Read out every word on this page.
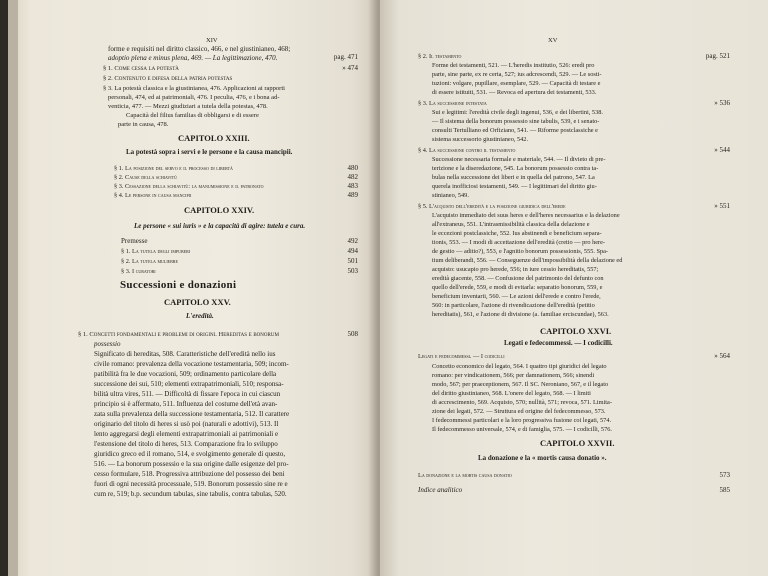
XIV
forme e requisiti nel diritto classico, 466, e nel giustinianeo, 468;
adoptio plena e minus plena, 469. — La legittimazione, 470.	pag. 471
§ 1. Come cessa la potestà	» 474
§ 2. Contenuto e difesa della patria potestas
§ 3. La potestà classica e la giustinianea, 476. Applicazioni ai rapporti
personali, 474, ed ai patrimoniali, 476. I peculia, 476, e i bona ad-
venticia, 477. — Mezzi giudiziari a tutela della potestas, 478.
Capacità del filius familias di obbligarsi e di essere
parte in causa, 478.
CAPITOLO XXIII.
La potestà sopra i servi e le persone e la causa mancipii.
§ 1. La posizione del servo e il processo di libertà	480
§ 2. Cause della schiavitù	482
§ 3. Cessazione della schiavitù: la manumissione e il patronato	483
§ 4. Le persone in causa mancipii	489
CAPITOLO XXIV.
Le persone « sui iuris » e la capacità di agire: tutela e cura.
Premesse	492
§ 1. La tutela degli impuberi	494
§ 2. La tutela muliebre	501
§ 3. I curatori	503
Successioni e donazioni
CAPITOLO XXV.
L'eredità.
§ 1. Concetti fondamentali e problemi di origini. Hereditas e bonorum	508
possessio
Significato di hereditas, 508. Caratteristiche dell'eredità nello ius
civile romano: prevalenza della vocazione testamentaria, 509; incom-
patibilità fra le due vocazioni, 509; ordinamento particolare della
successione dei sui, 510; elementi extrapatrimoniali, 510; responsa-
bilità ultra vires, 511. — Difficoltà di fissare l'epoca in cui ciascun
principio si è affermato, 511. Influenza del costume dell'età avan-
zata sulla prevalenza della successione testamentaria, 512. Il carattere
originario del titolo di heres si usò poi (naturali e adottivi), 513. Il
lento aggregarsi degli elementi extrapatrimoniali ai patrimoniali e
l'estensione del titolo di heres, 513. Comparazione fra lo sviluppo
giuridico greco ed il romano, 514, e svolgimento generale di questo,
516. — La bonorum possessio e la sua origine dalle esigenze del pro-
cesso formulare, 518. Progressiva attribuzione del possesso dei beni
fuori di ogni necessità processuale, 519. Bonorum possessio sine re e
cum re, 519; b.p. secundum tabulas, sine tabulis, contra tabulas, 520.
XV
§ 2. Il testamento	pag. 521
Forme dei testamenti, 521. — L'heredis institutio, 526: eredi pro
parte, sine parte, ex re certa, 527; ius adcrescendi, 529. — Le sosti-
tuzioni: volgare, pupillare, esemplare, 529. — Capacità di testare e
di essere istituiti, 531. — Revoca ed apertura dei testamenti, 533.
§ 3. La successione intestata	» 536
Sui e legitimi: l'eredità civile degli ingenui, 536, e dei libertini, 538.
— Il sistema della bonorum possessio sine tabulis, 539, e i senato-
consulti Tertulliano ed Orfiziano, 541. — Riforme postclassiche e
sistema successorio giustinianeo, 542.
§ 4. La successione contro il testamento	» 544
Successione necessaria formale e materiale, 544. — Il divieto di pre-
terizione e la diseredazione, 545. La bonorum possessio contra ta-
bulas nella successione dei liberi e in quella del patrono, 547. La
querela inofficiosi testamenti, 549. — I legittimari del diritto giu-
stinianeo, 549.
§ 5. L'acquisto dell'eredità e la posizione giuridica dell'erede	» 551
L'acquisto immediato dei suus heres e dell'heres necessarius e la delazione
all'extraneus, 551. L'intrasmissibilità classica della delazione e
le eccezioni postclassiche, 552. Ius abstinendi e beneficium separa-
tionis, 553. — I modi di accettazione dell'eredità (cretio — pro here-
de gestio — aditio?), 553, e l'agnitio bonorum possessionis, 555. Spa-
tium deliberandi, 556. — Conseguenze dell'impossibilità della delazione ed
acquisto: usucapio pro herede, 556; in iure cessio hereditatis, 557;
eredità giacente, 558. — Confusione del patrimonio del defunto con
quello dell'erede, 559, e modi di evitarla: separatio bonorum, 559, e
beneficium inventarii, 560. — Le azioni dell'erede e contro l'erede,
560: in particolare, l'azione di rivendicazione dell'eredità (petitio
hereditatis), 561, e l'azione di divisione (a. familiae erciscundae), 563.
CAPITOLO XXVI.
Legati e fedecommessi. — I codicilli.
Legati e fedecommessi. — I codicilli	» 564
Concetto economico del legato, 564. I quattro tipi giuridici del legato
romano: per vindicationem, 566; per damnationem, 566; sinendi
modo, 567; per praeceptionem, 567. Il SC. Neroniano, 567, e il legato
del diritto giustinianeo, 568. L'onere del legato, 568. — I limiti
di accrescimento, 569. Acquisto, 570; nullità, 571; revoca, 571. Limita-
zione dei legati, 572. — Struttura ed origine del fedecommesso, 573.
I fedecommessi particolari e la loro progressiva fusione coi legati, 574.
Il fedecommesso universale, 574, e di famiglia, 575. — I codicilli, 576.
CAPITOLO XXVII.
La donazione e la « mortis causa donatio ».
La donazione e la mortis causa donatio	573
Indice analitico	585
